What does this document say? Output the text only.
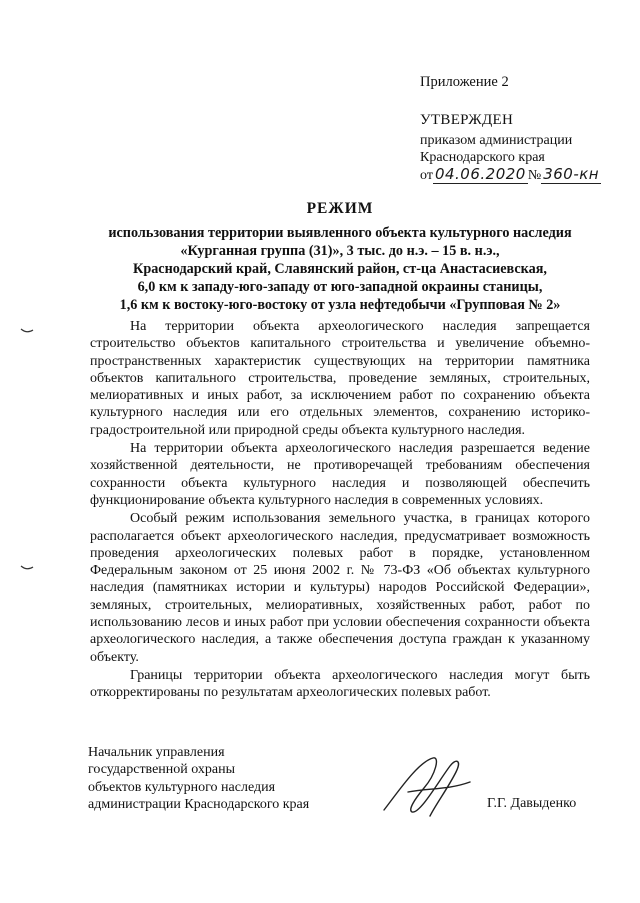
Приложение 2
УТВЕРЖДЕН
приказом администрации
Краснодарского края
от 04.06.2020 № 360-кн
РЕЖИМ
использования территории выявленного объекта культурного наследия
«Курганная группа (31)», 3 тыс. до н.э. – 15 в. н.э.,
Краснодарский край, Славянский район, ст-ца Анастасиевская,
6,0 км к западу-юго-западу от юго-западной окраины станицы,
1,6 км к востоку-юго-востоку от узла нефтедобычи «Групповая № 2»

На территории объекта археологического наследия запрещается строительство объектов капитального строительства и увеличение объемно-пространственных характеристик существующих на территории памятника объектов капитального строительства, проведение земляных, строительных, мелиоративных и иных работ, за исключением работ по сохранению объекта культурного наследия или его отдельных элементов, сохранению историко-градостроительной или природной среды объекта культурного наследия.

На территории объекта археологического наследия разрешается ведение хозяйственной деятельности, не противоречащей требованиям обеспечения сохранности объекта культурного наследия и позволяющей обеспечить функционирование объекта культурного наследия в современных условиях.

Особый режим использования земельного участка, в границах которого располагается объект археологического наследия, предусматривает возможность проведения археологических полевых работ в порядке, установленном Федеральным законом от 25 июня 2002 г. № 73-ФЗ «Об объектах культурного наследия (памятниках истории и культуры) народов Российской Федерации», земляных, строительных, мелиоративных, хозяйственных работ, работ по использованию лесов и иных работ при условии обеспечения сохранности объекта археологического наследия, а также обеспечения доступа граждан к указанному объекту.

Границы территории объекта археологического наследия могут быть откорректированы по результатам археологических полевых работ.

Начальник управления
государственной охраны
объектов культурного наследия
администрации Краснодарского края	Г.Г. Давыденко
